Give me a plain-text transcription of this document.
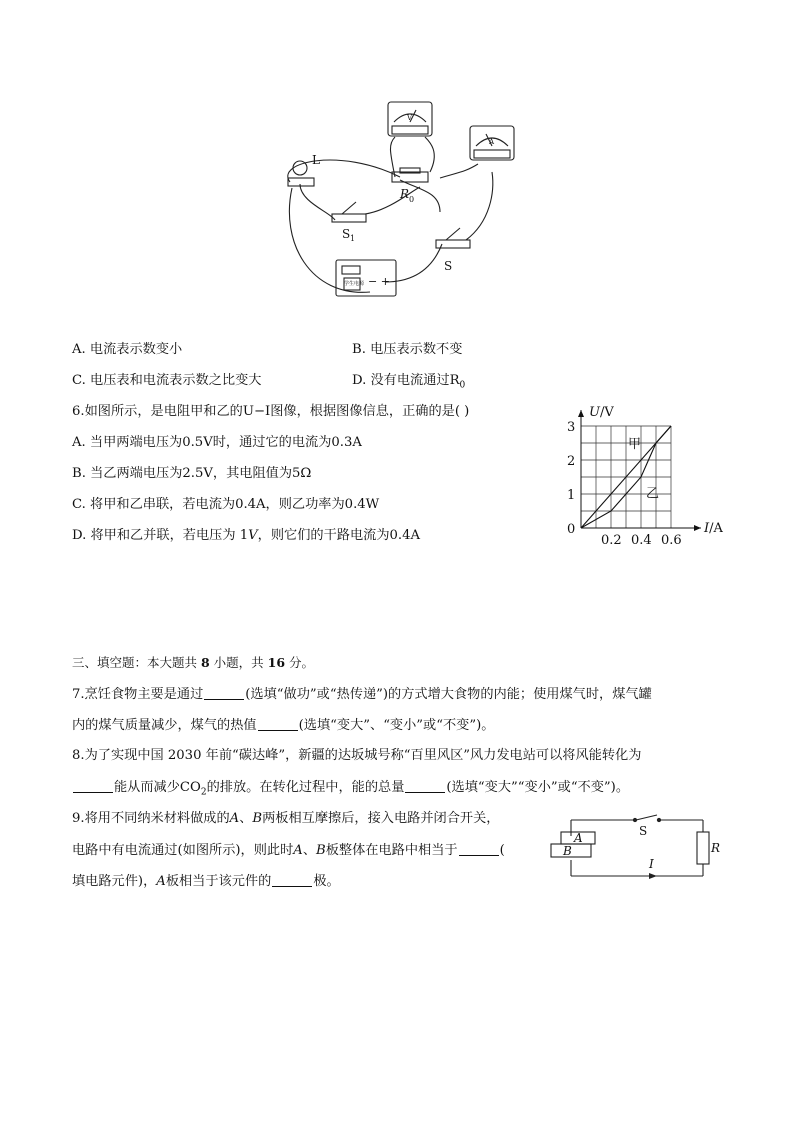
L
R 0
S 1
S
V
A
学生电源 − +
A. 电流表示数变小	B. 电压表示数不变
C. 电压表和电流表示数之比变大	D. 没有电流通过$R_0$
6.如图所示，是电阻甲和乙的U−I图像，根据图像信息，正确的是( )
A. 当甲两端电压为0.5V时，通过它的电流为0.3A
B. 当乙两端电压为2.5V，其电阻值为5Ω
C. 将甲和乙串联，若电流为0.4A，则乙功率为0.4W
D. 将甲和乙并联，若电压为 1V，则它们的干路电流为0.4A
U/V
I/A
0
1
2
3
0.2 0.4 0.6
甲
乙
三、填空题：本大题共 8 小题，共 16 分。
7.烹饪食物主要是通过	(选填“做功”或“热传递”)的方式增大食物的内能；使用煤气时，煤气罐
内的煤气质量减少，煤气的热值	(选填“变大”、“变小”或“不变”)。
8.为了实现中国 2030 年前“碳达峰”，新疆的达坂城号称“百里风区”风力发电站可以将风能转化为
能从而减少$CO_2$的排放。在转化过程中，能的总量	(选填“变大”“变小”或“不变”)。
9.将用不同纳米材料做成的A、B两板相互摩擦后，接入电路并闭合开关，
电路中有电流通过(如图所示)，则此时A、B板整体在电路中相当于	(
填电路元件)，A板相当于该元件的	极。
A
B	R
I
S
